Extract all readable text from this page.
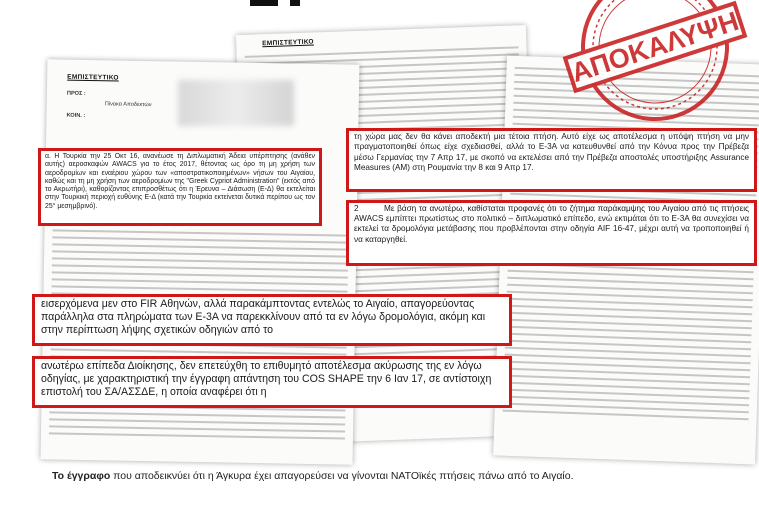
ΕΜΠΙΣΤΕΥΤΙΚΟ
ΕΜΠΙΣΤΕΥΤΙΚΟ
ΠΡΟΣ :
Πίνακα Αποδεκτών
ΚΟΙΝ. :
α. Η Τουρκία την 25 Οκτ 16, ανανέωσε τη Διπλωματική Άδεια υπέρπτησης (ανάθεν αυτής) αεροσκαφών AWACS για το έτος 2017, θέτοντας ως όρο τη μη χρήση των αεροδρομίων και εναέριου χώρου των «αποστρατικοποιημένων» νήσων του Αιγαίου, καθώς και τη μη χρήση των αεροδρομίων της "Greek Cypriot Administration" (εκτός από το Ακρωτήρι), καθορίζοντας επιπροσθέτως ότι η Έρευνα – Διάσωση (Ε-Δ) θα εκτελείται στην Τουρκική περιοχή ευθύνης Ε-Δ (κατά την Τουρκία εκτείνεται δυτικά περίπου ως τον 25° μεσημβρινό).
τη χώρα μας δεν θα κάνει αποδεκτή μια τέτοια πτήση. Αυτό είχε ως αποτέλεσμα η υπόψη πτήση να μην πραγματοποιηθεί όπως είχε σχεδιασθεί, αλλά το Ε-3Α να κατευθυνθεί από την Κόνυα προς την Πρέβεζα μέσω Γερμανίας την 7 Απρ 17, με σκοπό να εκτελέσει από την Πρέβεζα αποστολές υποστήριξης Assurance Measures (AM) στη Ρουμανία την 8 και 9 Απρ 17.
2	Με βάση τα ανωτέρω, καθίσταται προφανές ότι το ζήτημα παράκαμψης του Αιγαίου από τις πτήσεις AWACS εμπίπτει πρωτίστως στο πολιτικό – διπλωματικό επίπεδο, ενώ εκτιμάται ότι το Ε-3Α θα συνεχίσει να εκτελεί τα δρομολόγια μετάβασης που προβλέπονται στην οδηγία AIF 16-47, μέχρι αυτή να τροποποιηθεί ή να καταργηθεί.
εισερχόμενα μεν στο FIR Αθηνών, αλλά παρακάμπτοντας εντελώς το Αιγαίο, απαγορεύοντας παράλληλα στα πληρώματα των Ε-3Α να παρεκκλίνουν από τα εν λόγω δρομολόγια, ακόμη και στην περίπτωση λήψης σχετικών οδηγιών από το
ανωτέρω επίπεδα Διοίκησης, δεν επετεύχθη το επιθυμητό αποτέλεσμα ακύρωσης της εν λόγω οδηγίας, με χαρακτηριστική την έγγραφη απάντηση του COS SHAPE την 6 Ιαν 17, σε αντίστοιχη επιστολή του ΣΑ/ΑΣΣΔΕ, η οποία αναφέρει ότι η
ΑΠΟΚΑΛΥΨΗ
Το έγγραφο που αποδεικνύει ότι η Άγκυρα έχει απαγορεύσει να γίνονται ΝΑΤΟϊκές πτήσεις πάνω από το Αιγαίο.
